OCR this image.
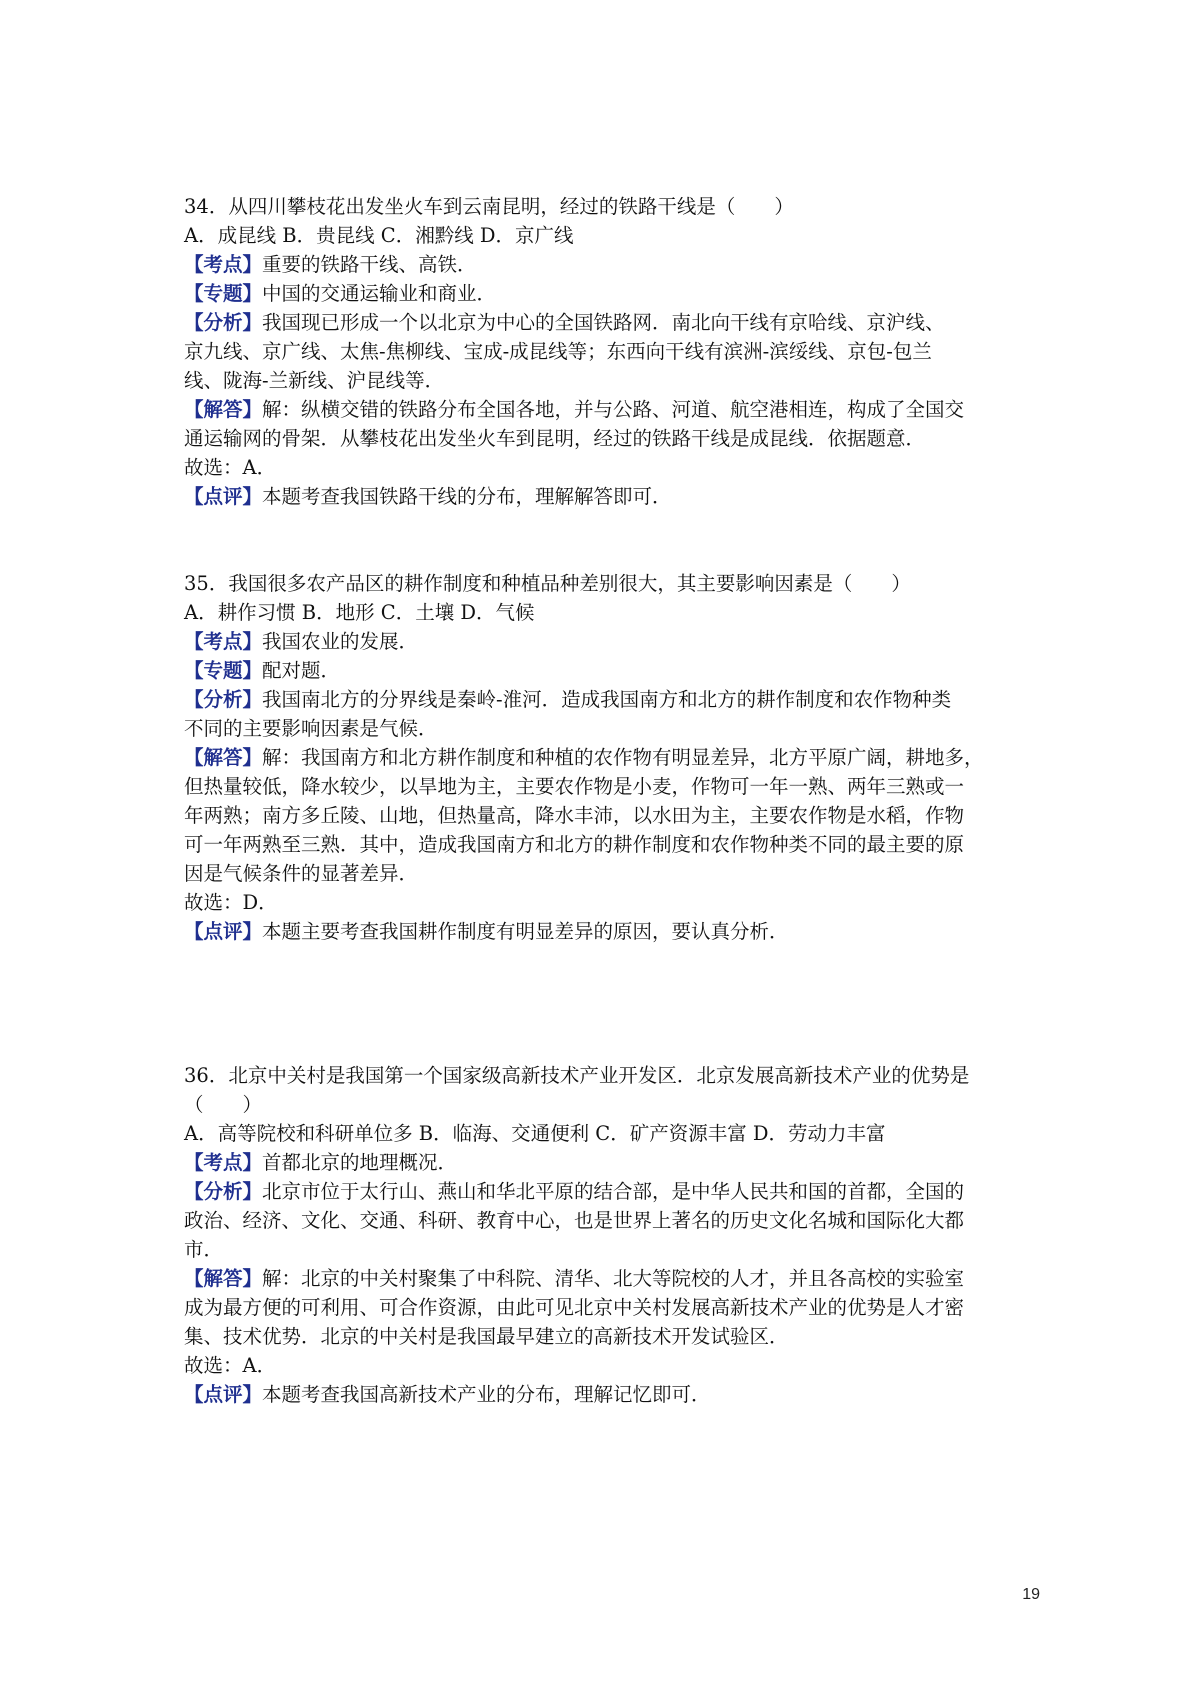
34．从四川攀枝花出发坐火车到云南昆明，经过的铁路干线是（　　）

A．成昆线 B．贵昆线 C．湘黔线 D．京广线

【考点】重要的铁路干线、高铁．

【专题】中国的交通运输业和商业．

【分析】我国现已形成一个以北京为中心的全国铁路网．南北向干线有京哈线、京沪线、

京九线、京广线、太焦-焦柳线、宝成-成昆线等；东西向干线有滨洲-滨绥线、京包-包兰

线、陇海-兰新线、沪昆线等．

【解答】解：纵横交错的铁路分布全国各地，并与公路、河道、航空港相连，构成了全国交

通运输网的骨架．从攀枝花出发坐火车到昆明，经过的铁路干线是成昆线．依据题意．

故选：A．

【点评】本题考查我国铁路干线的分布，理解解答即可．

35．我国很多农产品区的耕作制度和种植品种差别很大，其主要影响因素是（　　）

A．耕作习惯 B．地形 C．土壤 D．气候

【考点】我国农业的发展．

【专题】配对题．

【分析】我国南北方的分界线是秦岭-淮河．造成我国南方和北方的耕作制度和农作物种类

不同的主要影响因素是气候．

【解答】解：我国南方和北方耕作制度和种植的农作物有明显差异，北方平原广阔，耕地多，

但热量较低，降水较少，以旱地为主，主要农作物是小麦，作物可一年一熟、两年三熟或一

年两熟；南方多丘陵、山地，但热量高，降水丰沛，以水田为主，主要农作物是水稻，作物

可一年两熟至三熟．其中，造成我国南方和北方的耕作制度和农作物种类不同的最主要的原

因是气候条件的显著差异．

故选：D．

【点评】本题主要考查我国耕作制度有明显差异的原因，要认真分析．

36．北京中关村是我国第一个国家级高新技术产业开发区．北京发展高新技术产业的优势是

（　　）

A．高等院校和科研单位多 B．临海、交通便利 C．矿产资源丰富 D．劳动力丰富

【考点】首都北京的地理概况．

【分析】北京市位于太行山、燕山和华北平原的结合部，是中华人民共和国的首都，全国的

政治、经济、文化、交通、科研、教育中心，也是世界上著名的历史文化名城和国际化大都

市．

【解答】解：北京的中关村聚集了中科院、清华、北大等院校的人才，并且各高校的实验室

成为最方便的可利用、可合作资源，由此可见北京中关村发展高新技术产业的优势是人才密

集、技术优势．北京的中关村是我国最早建立的高新技术开发试验区．

故选：A．

【点评】本题考查我国高新技术产业的分布，理解记忆即可．

19
